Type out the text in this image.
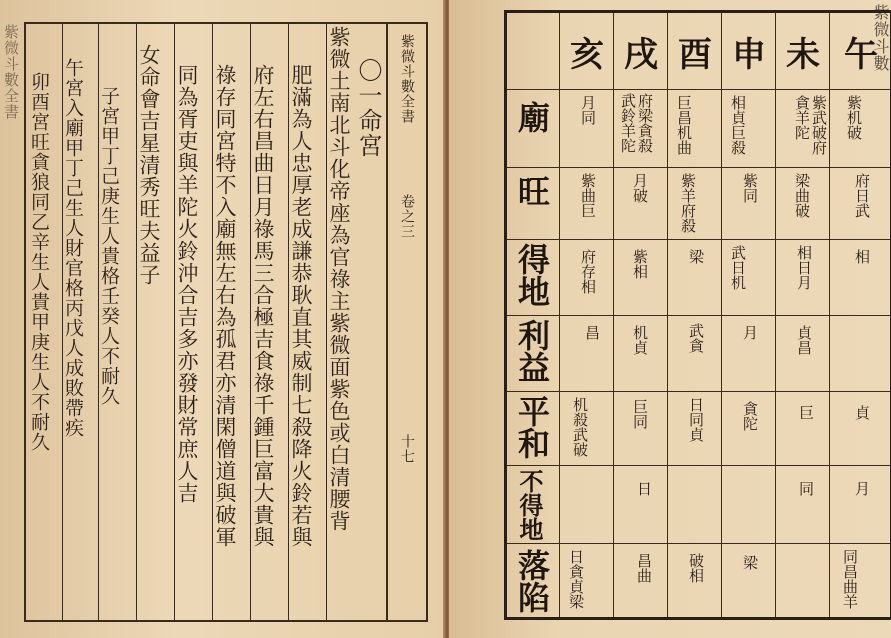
紫微斗數全書	〇一命宮
紫微土南北斗化帝座為官祿主紫微面紫色或白清腰背
肥滿為人忠厚老成謙恭耿直其威制七殺降火鈴若與
府左右昌曲日月祿馬三合極吉食祿千鍾巨富大貴與
祿存同宮特不入廟無左右為孤君亦清閑僧道與破軍
同為胥吏與羊陀火鈴沖合吉多亦發財常庶人吉
女命會吉星清秀旺夫益子
子宮甲丁己庚生人貴格壬癸人不耐久
午宮入廟甲丁己生人財官格丙戊人成敗帶疾
卯酉宮旺貪狼同乙辛生人貴甲庚生人不耐久	紫微斗數全書
卷之三
十七
午
未
申
酉
戌
亥
廟
旺
得地
利益
平和
不得地
落陷
紫机破
紫武破府貪羊陀
相貞巨殺
巨昌机曲
府梁貪殺武鈴羊陀
月同
府日武
梁曲破
紫同
紫羊府殺
月破
紫曲巨
相
相日月
武日机
梁
紫相
府存相
貞昌
月
武貪
机貞
昌
貞
巨
貪陀
日同貞
巨同
机殺武破
月
同
日
同昌曲羊
梁
破相
昌曲
日貪貞梁
紫微斗數
